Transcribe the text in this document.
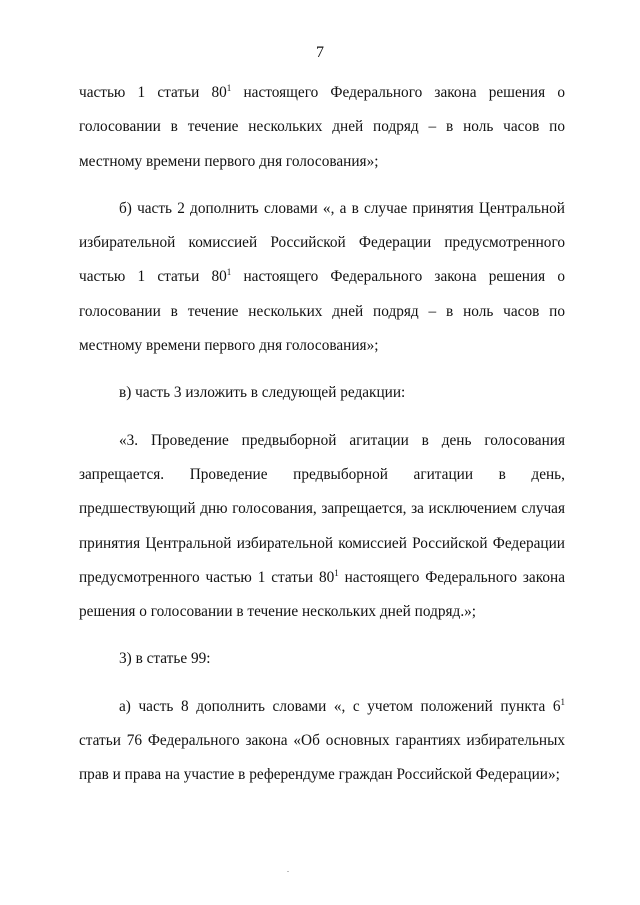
7

частью 1 статьи $80^1$ настоящего Федерального закона решения о голосовании в течение нескольких дней подряд – в ноль часов по местному времени первого дня голосования»;

б) часть 2 дополнить словами «, а в случае принятия Центральной избирательной комиссией Российской Федерации предусмотренного частью 1 статьи $80^1$ настоящего Федерального закона решения о голосовании в течение нескольких дней подряд – в ноль часов по местному времени первого дня голосования»;

в) часть 3 изложить в следующей редакции:

«3. Проведение предвыборной агитации в день голосования запрещается. Проведение предвыборной агитации в день, предшествующий дню голосования, запрещается, за исключением случая принятия Центральной избирательной комиссией Российской Федерации предусмотренного частью 1 статьи $80^1$ настоящего Федерального закона решения о голосовании в течение нескольких дней подряд.»;

3) в статье 99:

а) часть 8 дополнить словами «, с учетом положений пункта $6^1$ статьи 76 Федерального закона «Об основных гарантиях избирательных прав и права на участие в референдуме граждан Российской Федерации»;
